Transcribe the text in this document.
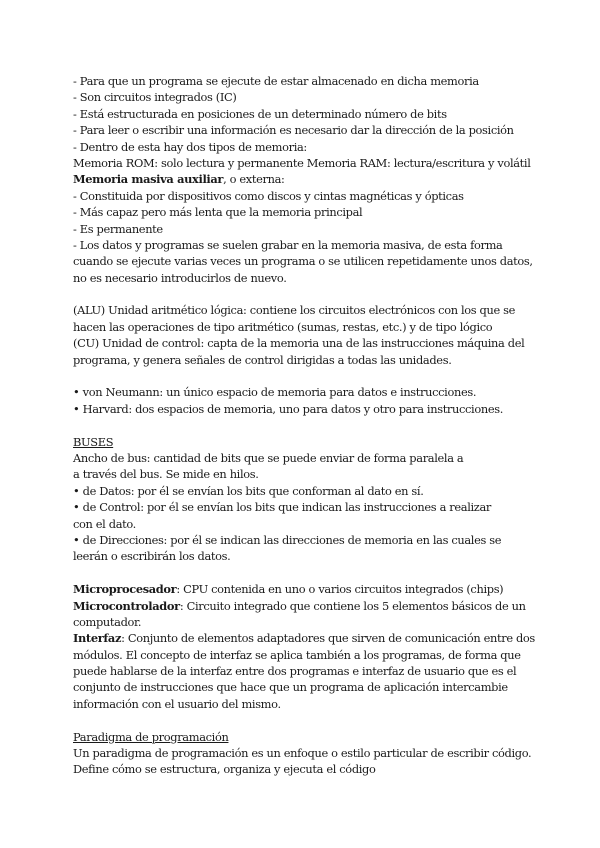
- Para que un programa se ejecute de estar almacenado en dicha memoria
- Son circuitos integrados (IC)
- Está estructurada en posiciones de un determinado número de bits
- Para leer o escribir una información es necesario dar la dirección de la posición
- Dentro de esta hay dos tipos de memoria:
Memoria ROM: solo lectura y permanente Memoria RAM: lectura/escritura y volátil
Memoria masiva auxiliar, o externa:
- Constituida por dispositivos como discos y cintas magnéticas y ópticas
- Más capaz pero más lenta que la memoria principal
- Es permanente
- Los datos y programas se suelen grabar en la memoria masiva, de esta forma
cuando se ejecute varias veces un programa o se utilicen repetidamente unos datos,
no es necesario introducirlos de nuevo.
(ALU) Unidad aritmético lógica: contiene los circuitos electrónicos con los que se
hacen las operaciones de tipo aritmético (sumas, restas, etc.) y de tipo lógico
(CU) Unidad de control: capta de la memoria una de las instrucciones máquina del
programa, y genera señales de control dirigidas a todas las unidades.
• von Neumann: un único espacio de memoria para datos e instrucciones.
• Harvard: dos espacios de memoria, uno para datos y otro para instrucciones.
BUSES
Ancho de bus: cantidad de bits que se puede enviar de forma paralela a
a través del bus. Se mide en hilos.
• de Datos: por él se envían los bits que conforman al dato en sí.
• de Control: por él se envían los bits que indican las instrucciones a realizar
con el dato.
• de Direcciones: por él se indican las direcciones de memoria en las cuales se
leerán o escribirán los datos.
Microprocesador: CPU contenida en uno o varios circuitos integrados (chips)
Microcontrolador: Circuito integrado que contiene los 5 elementos básicos de un
computador.
Interfaz: Conjunto de elementos adaptadores que sirven de comunicación entre dos
módulos. El concepto de interfaz se aplica también a los programas, de forma que
puede hablarse de la interfaz entre dos programas e interfaz de usuario que es el
conjunto de instrucciones que hace que un programa de aplicación intercambie
información con el usuario del mismo.
Paradigma de programación
Un paradigma de programación es un enfoque o estilo particular de escribir código.
Define cómo se estructura, organiza y ejecuta el código
